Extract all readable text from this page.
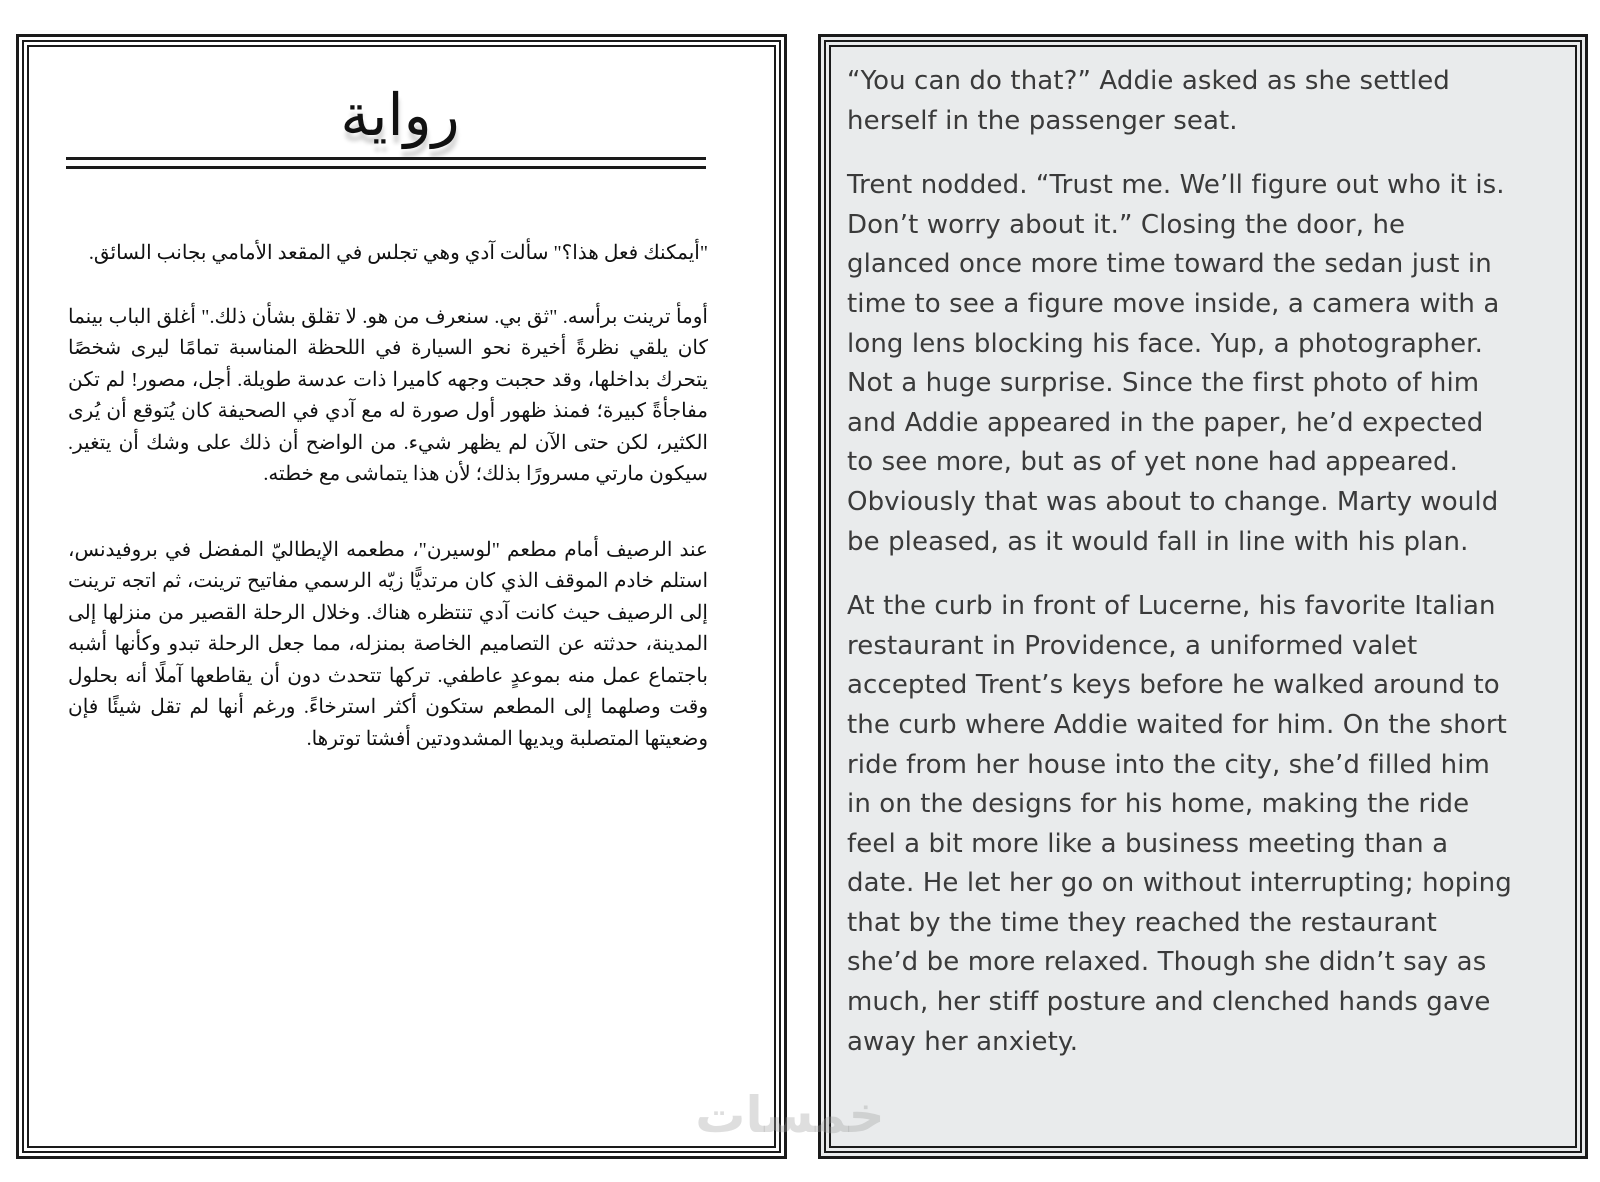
رواية

"أيمكنك فعل هذا؟" سألت آدي وهي تجلس في المقعد الأمامي بجانب السائق.

أومأ ترينت برأسه. "ثق بي. سنعرف من هو. لا تقلق بشأن ذلك." أغلق الباب بينما كان يلقي نظرةً أخيرة نحو السيارة في اللحظة المناسبة تمامًا ليرى شخصًا يتحرك بداخلها، وقد حجبت وجهه كاميرا ذات عدسة طويلة. أجل، مصور! لم تكن مفاجأةً كبيرة؛ فمنذ ظهور أول صورة له مع آدي في الصحيفة كان يُتوقع أن يُرى الكثير، لكن حتى الآن لم يظهر شيء. من الواضح أن ذلك على وشك أن يتغير. سيكون مارتي مسرورًا بذلك؛ لأن هذا يتماشى مع خطته.

عند الرصيف أمام مطعم "لوسيرن"، مطعمه الإيطاليّ المفضل في بروفيدنس، استلم خادم الموقف الذي كان مرتديًّا زيّه الرسمي مفاتيح ترينت، ثم اتجه ترينت إلى الرصيف حيث كانت آدي تنتظره هناك. وخلال الرحلة القصير من منزلها إلى المدينة، حدثته عن التصاميم الخاصة بمنزله، مما جعل الرحلة تبدو وكأنها أشبه باجتماع عمل منه بموعدٍ عاطفي. تركها تتحدث دون أن يقاطعها آملًا أنه بحلول وقت وصلهما إلى المطعم ستكون أكثر استرخاءً. ورغم أنها لم تقل شيئًا فإن وضعيتها المتصلبة ويديها المشدودتين أفشتا توترها.

“You can do that?” Addie asked as she settled herself in the passenger seat.

Trent nodded. “Trust me. We’ll figure out who it is. Don’t worry about it.” Closing the door, he glanced once more time toward the sedan just in time to see a figure move inside, a camera with a long lens blocking his face. Yup, a photographer. Not a huge surprise. Since the first photo of him and Addie appeared in the paper, he’d expected to see more, but as of yet none had appeared. Obviously that was about to change. Marty would be pleased, as it would fall in line with his plan.

At the curb in front of Lucerne, his favorite Italian restaurant in Providence, a uniformed valet accepted Trent’s keys before he walked around to the curb where Addie waited for him. On the short ride from her house into the city, she’d filled him in on the designs for his home, making the ride feel a bit more like a business meeting than a date. He let her go on without interrupting; hoping that by the time they reached the restaurant she’d be more relaxed. Though she didn’t say as much, her stiff posture and clenched hands gave away her anxiety.

خمسات
